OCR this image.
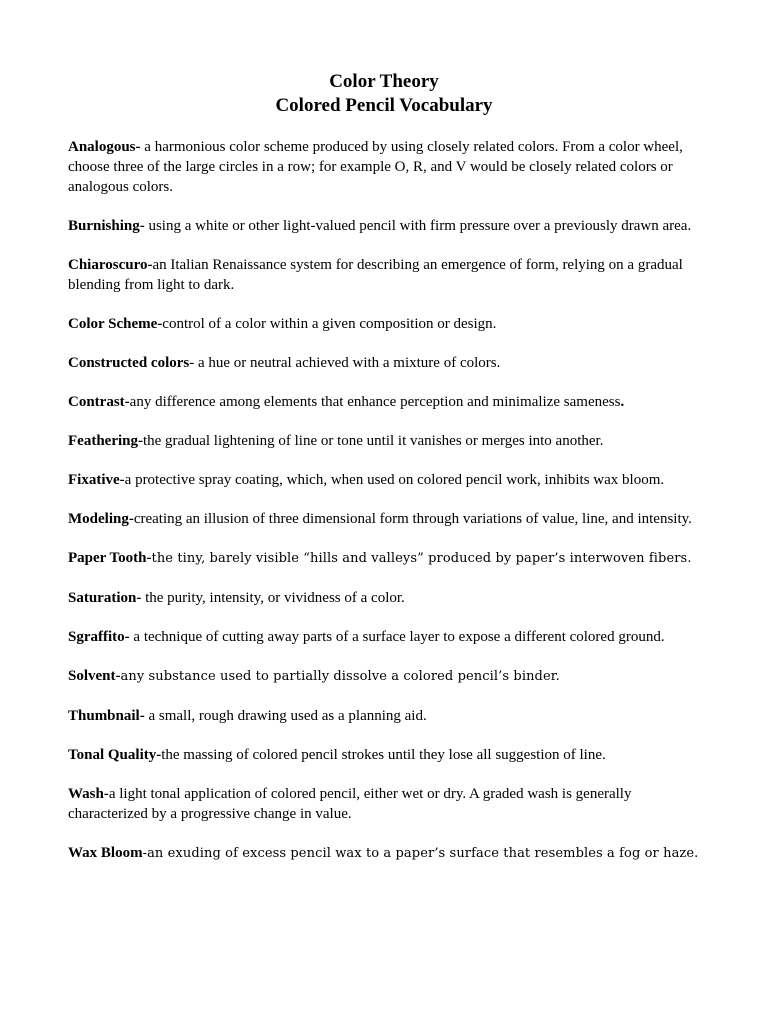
Color Theory

Colored Pencil Vocabulary

Analogous- a harmonious color scheme produced by using closely related colors. From a color wheel, choose three of the large circles in a row; for example O, R, and V would be closely related colors or analogous colors.
Burnishing- using a white or other light-valued pencil with firm pressure over a previously drawn area.
Chiaroscuro-an Italian Renaissance system for describing an emergence of form, relying on a gradual blending from light to dark.
Color Scheme-control of a color within a given composition or design.
Constructed colors- a hue or neutral achieved with a mixture of colors.
Contrast-any difference among elements that enhance perception and minimalize sameness.
Feathering-the gradual lightening of line or tone until it vanishes or merges into another.
Fixative-a protective spray coating, which, when used on colored pencil work, inhibits wax bloom.
Modeling-creating an illusion of three dimensional form through variations of value, line, and intensity.
Paper Tooth-the tiny, barely visible “hills and valleys” produced by paper’s interwoven fibers.
Saturation- the purity, intensity, or vividness of a color.
Sgraffito- a technique of cutting away parts of a surface layer to expose a different colored ground.
Solvent-any substance used to partially dissolve a colored pencil’s binder.
Thumbnail- a small, rough drawing used as a planning aid.
Tonal Quality-the massing of colored pencil strokes until they lose all suggestion of line.
Wash-a light tonal application of colored pencil, either wet or dry. A graded wash is generally characterized by a progressive change in value.
Wax Bloom-an exuding of excess pencil wax to a paper’s surface that resembles a fog or haze.
